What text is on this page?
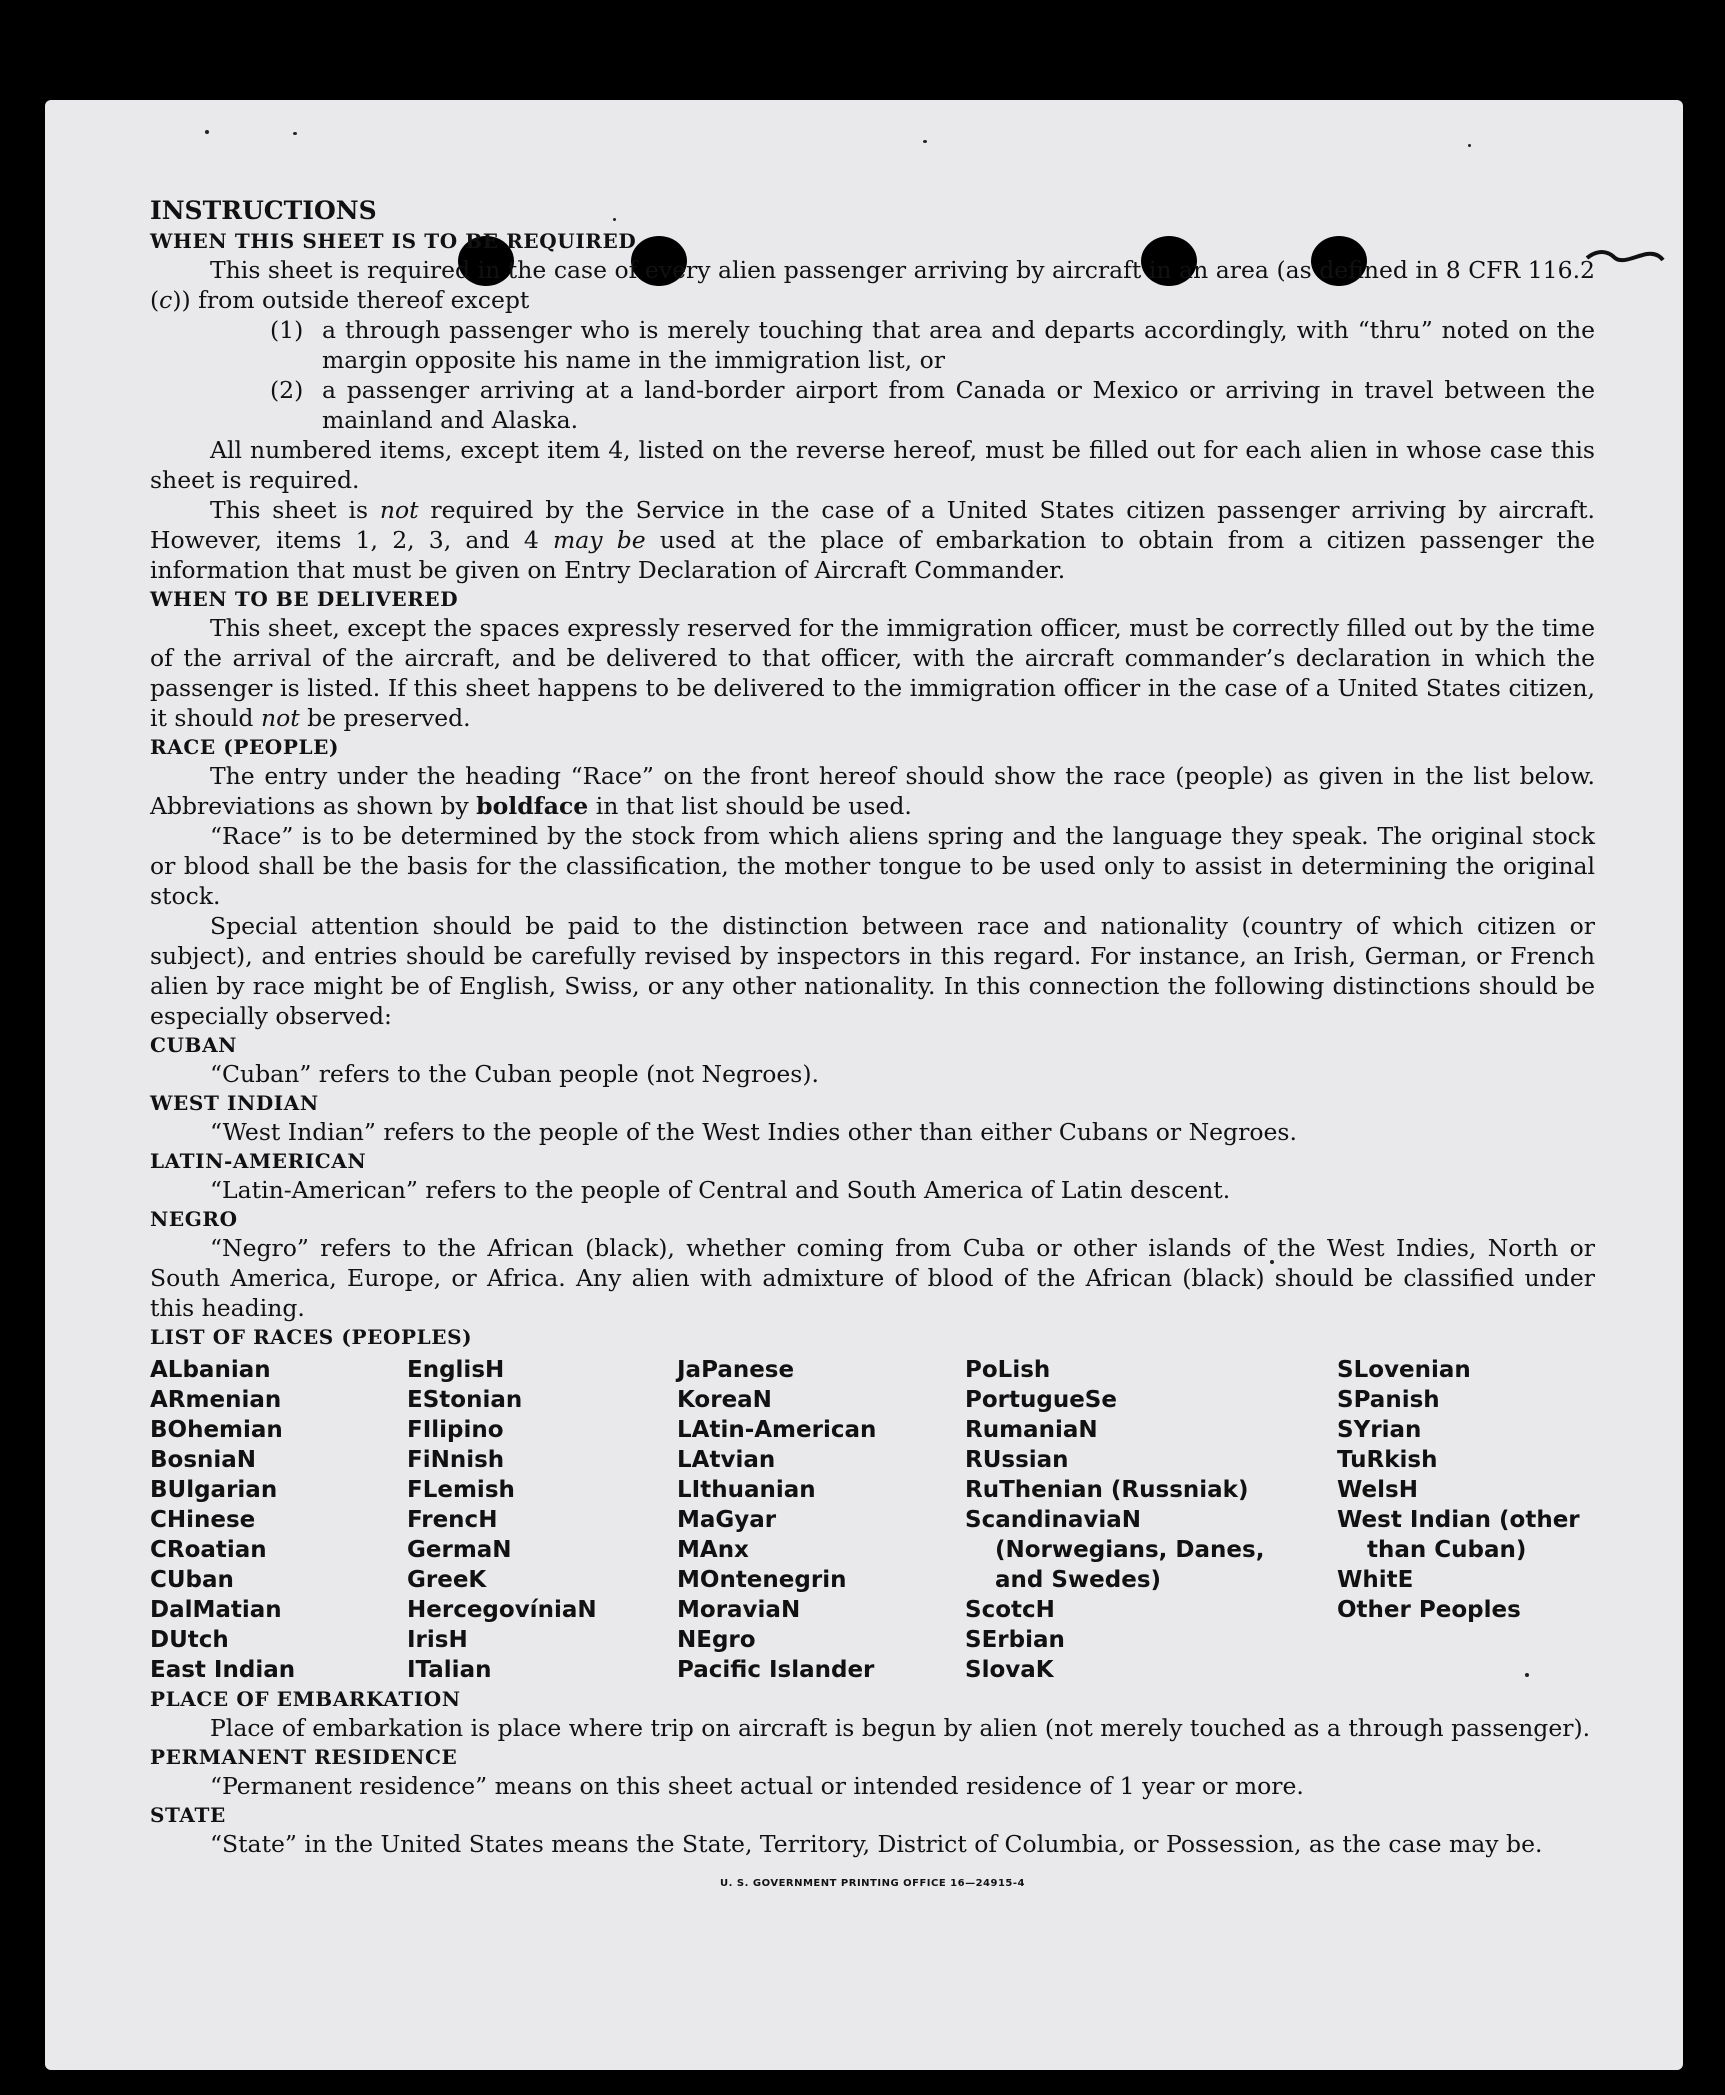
INSTRUCTIONS

WHEN THIS SHEET IS TO BE REQUIRED

This sheet is required in the case of every alien passenger arriving by aircraft in an area (as defined in 8 CFR 116.2 (c)) from outside thereof except

(1) a through passenger who is merely touching that area and departs accordingly, with “thru” noted on the margin opposite his name in the immigration list, or
(2) a passenger arriving at a land-border airport from Canada or Mexico or arriving in travel between the mainland and Alaska.

All numbered items, except item 4, listed on the reverse hereof, must be filled out for each alien in whose case this sheet is required.

This sheet is not required by the Service in the case of a United States citizen passenger arriving by aircraft. However, items 1, 2, 3, and 4 may be used at the place of embarkation to obtain from a citizen passenger the information that must be given on Entry Declaration of Aircraft Commander.

WHEN TO BE DELIVERED

This sheet, except the spaces expressly reserved for the immigration officer, must be correctly filled out by the time of the arrival of the aircraft, and be delivered to that officer, with the aircraft commander’s declaration in which the passenger is listed. If this sheet happens to be delivered to the immigration officer in the case of a United States citizen, it should not be preserved.

RACE (PEOPLE)

The entry under the heading “Race” on the front hereof should show the race (people) as given in the list below. Abbreviations as shown by boldface in that list should be used.

“Race” is to be determined by the stock from which aliens spring and the language they speak. The original stock or blood shall be the basis for the classification, the mother tongue to be used only to assist in determining the original stock.

Special attention should be paid to the distinction between race and nationality (country of which citizen or subject), and entries should be carefully revised by inspectors in this regard. For instance, an Irish, German, or French alien by race might be of English, Swiss, or any other nationality. In this connection the following distinctions should be especially observed:

CUBAN

“Cuban” refers to the Cuban people (not Negroes).

WEST INDIAN

“West Indian” refers to the people of the West Indies other than either Cubans or Negroes.

LATIN-AMERICAN

“Latin-American” refers to the people of Central and South America of Latin descent.

NEGRO

“Negro” refers to the African (black), whether coming from Cuba or other islands of the West Indies, North or South America, Europe, or Africa. Any alien with admixture of blood of the African (black) should be classified under this heading.

LIST OF RACES (PEOPLES)

ALbanian
ARmenian
BOhemian
BosniaN
BUlgarian
CHinese
CRoatian
CUban
DalMatian
DUtch
East Indian
EnglisH
EStonian
FIlipino
FiNnish
FLemish
FrencH
GermaN
GreeK
HercegovíniaN
IrisH
ITalian
JaPanese
KoreaN
LAtin-American
LAtvian
LIthuanian
MaGyar
MAnx
MOntenegrin
MoraviaN
NEgro
Pacific Islander
PoLish
PortugueSe
RumaniaN
RUssian
RuThenian (Russniak)
ScandinaviaN (Norwegians, Danes, and Swedes)
ScotcH
SErbian
SlovaK
SLovenian
SPanish
SYrian
TuRkish
WelsH
West Indian (other than Cuban)
WhitE
Other Peoples

PLACE OF EMBARKATION

Place of embarkation is place where trip on aircraft is begun by alien (not merely touched as a through passenger).

PERMANENT RESIDENCE

“Permanent residence” means on this sheet actual or intended residence of 1 year or more.

STATE

“State” in the United States means the State, Territory, District of Columbia, or Possession, as the case may be.

U. S. GOVERNMENT PRINTING OFFICE 16—24915-4
